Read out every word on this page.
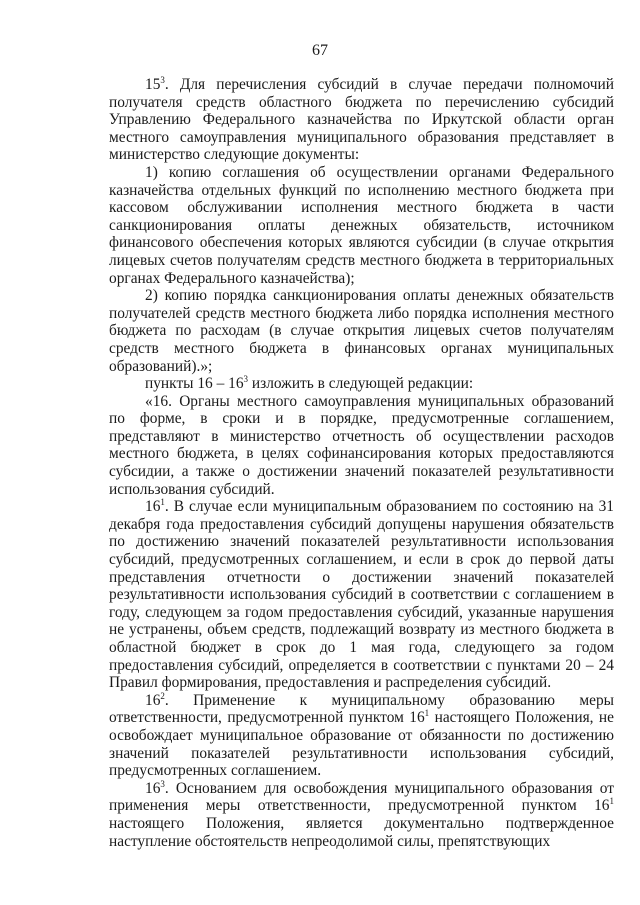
67

$15^3$. Для перечисления субсидий в случае передачи полномочий получателя средств областного бюджета по перечислению субсидий Управлению Федерального казначейства по Иркутской области орган местного самоуправления муниципального образования представляет в министерство следующие документы:

1) копию соглашения об осуществлении органами Федерального казначейства отдельных функций по исполнению местного бюджета при кассовом обслуживании исполнения местного бюджета в части санкционирования оплаты денежных обязательств, источником финансового обеспечения которых являются субсидии (в случае открытия лицевых счетов получателям средств местного бюджета в территориальных органах Федерального казначейства);

2) копию порядка санкционирования оплаты денежных обязательств получателей средств местного бюджета либо порядка исполнения местного бюджета по расходам (в случае открытия лицевых счетов получателям средств местного бюджета в финансовых органах муниципальных образований).»;

пункты $16 - 16^3$ изложить в следующей редакции:

«16. Органы местного самоуправления муниципальных образований по форме, в сроки и в порядке, предусмотренные соглашением, представляют в министерство отчетность об осуществлении расходов местного бюджета, в целях софинансирования которых предоставляются субсидии, а также о достижении значений показателей результативности использования субсидий.

$16^1$. В случае если муниципальным образованием по состоянию на 31 декабря года предоставления субсидий допущены нарушения обязательств по достижению значений показателей результативности использования субсидий, предусмотренных соглашением, и если в срок до первой даты представления отчетности о достижении значений показателей результативности использования субсидий в соответствии с соглашением в году, следующем за годом предоставления субсидий, указанные нарушения не устранены, объем средств, подлежащий возврату из местного бюджета в областной бюджет в срок до 1 мая года, следующего за годом предоставления субсидий, определяется в соответствии с пунктами 20 – 24 Правил формирования, предоставления и распределения субсидий.

$16^2$. Применение к муниципальному образованию меры ответственности, предусмотренной пунктом $16^1$ настоящего Положения, не освобождает муниципальное образование от обязанности по достижению значений показателей результативности использования субсидий, предусмотренных соглашением.

$16^3$. Основанием для освобождения муниципального образования от применения меры ответственности, предусмотренной пунктом $16^1$ настоящего Положения, является документально подтвержденное наступление обстоятельств непреодолимой силы, препятствующих
